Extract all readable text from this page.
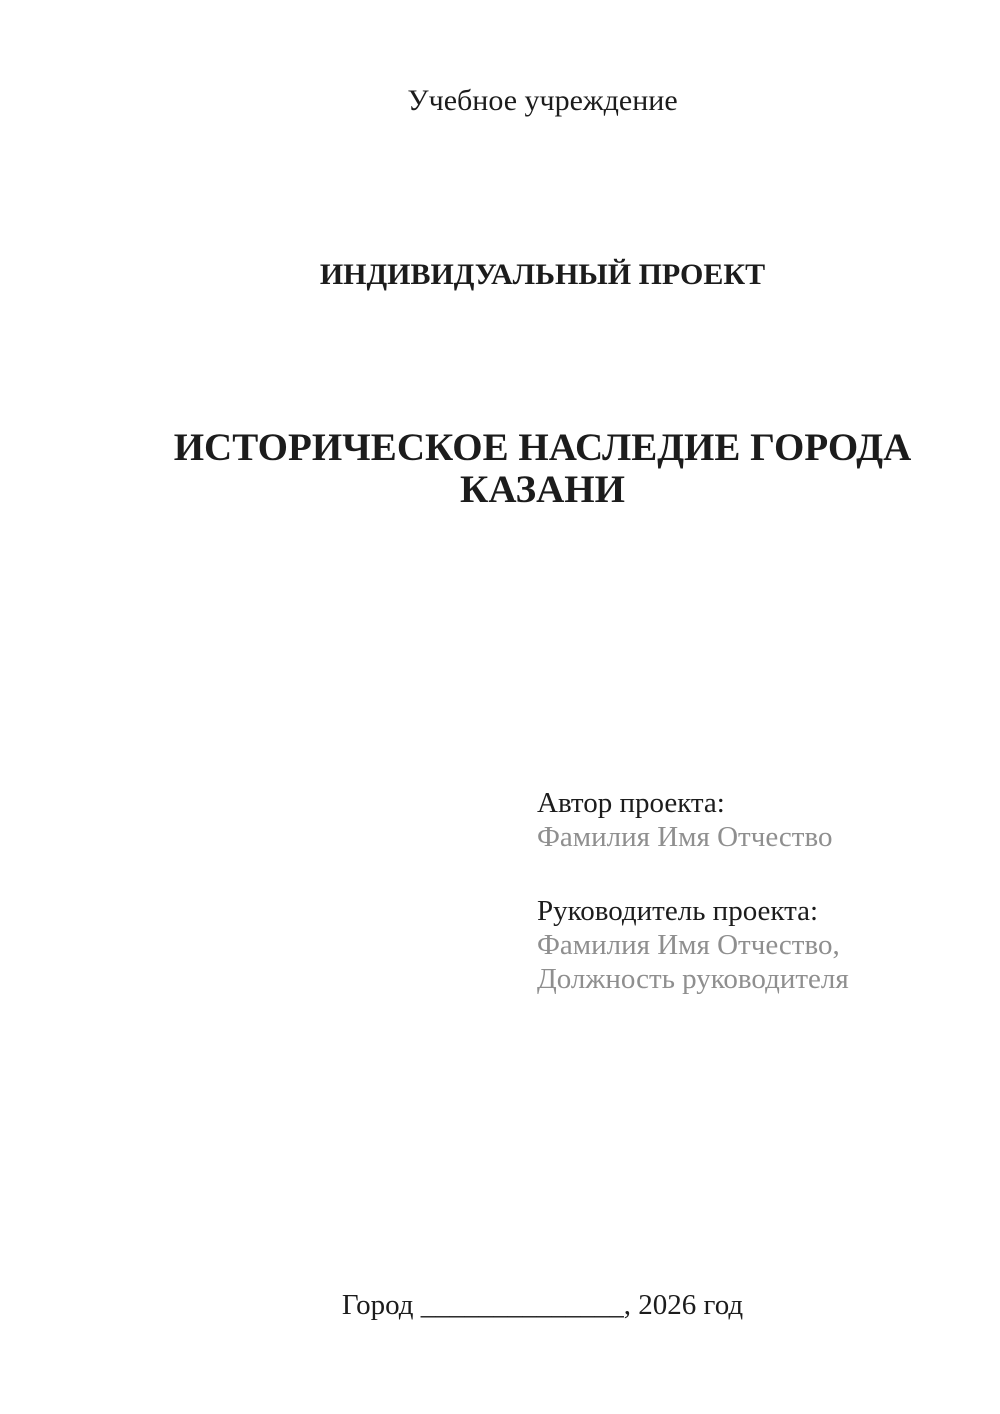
Учебное учреждение
ИНДИВИДУАЛЬНЫЙ ПРОЕКТ
ИСТОРИЧЕСКОЕ НАСЛЕДИЕ ГОРОДА КАЗАНИ
Автор проекта:
Фамилия Имя Отчество
Руководитель проекта:
Фамилия Имя Отчество,
Должность руководителя
Город ______________, 2026 год
